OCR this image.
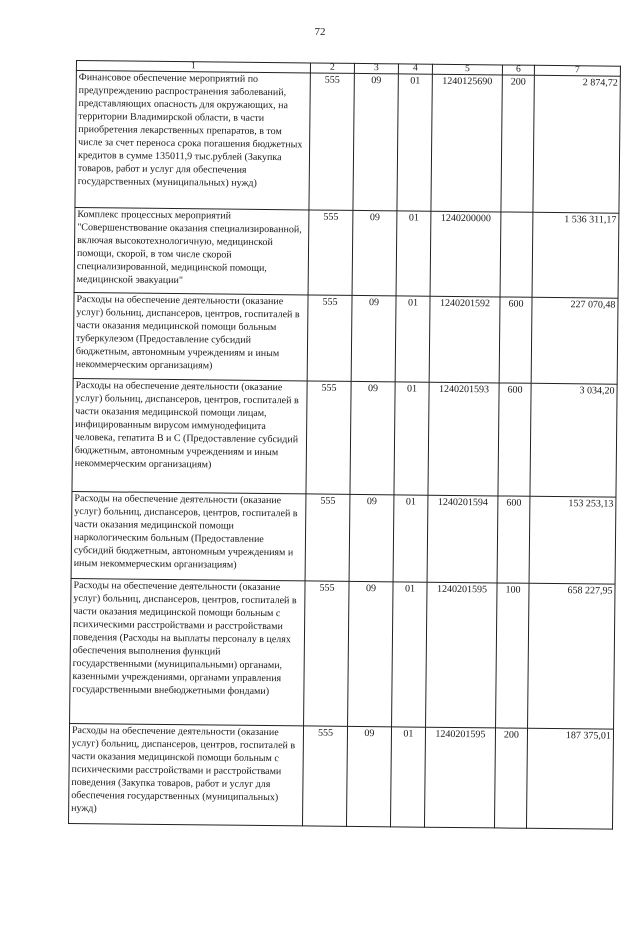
72
1	2	3	4	5	6	7
Финансовое обеспечение мероприятий по предупреждению распространения заболеваний, представляющих опасность для окружающих, на территории Владимирской области, в части приобретения лекарственных препаратов, в том числе за счет переноса срока погашения бюджетных кредитов в сумме 135011,9 тыс.рублей (Закупка товаров, работ и услуг для обеспечения государственных (муниципальных) нужд)	555	09	01	1240125690	200	2 874,72
Комплекс процессных мероприятий "Совершенствование оказания специализированной, включая высокотехнологичную, медицинской помощи, скорой, в том числе скорой специализированной, медицинской помощи, медицинской эвакуации"	555	09	01	1240200000		1 536 311,17
Расходы на обеспечение деятельности (оказание услуг) больниц, диспансеров, центров, госпиталей в части оказания медицинской помощи больным туберкулезом (Предоставление субсидий бюджетным, автономным учреждениям и иным некоммерческим организациям)	555	09	01	1240201592	600	227 070,48
Расходы на обеспечение деятельности (оказание услуг) больниц, диспансеров, центров, госпиталей в части оказания медицинской помощи лицам, инфицированным вирусом иммунодефицита человека, гепатита В и С (Предоставление субсидий бюджетным, автономным учреждениям и иным некоммерческим организациям)	555	09	01	1240201593	600	3 034,20
Расходы на обеспечение деятельности (оказание услуг) больниц, диспансеров, центров, госпиталей в части оказания медицинской помощи наркологическим больным (Предоставление субсидий бюджетным, автономным учреждениям и иным некоммерческим организациям)	555	09	01	1240201594	600	153 253,13
Расходы на обеспечение деятельности (оказание услуг) больниц, диспансеров, центров, госпиталей в части оказания медицинской помощи больным с психическими расстройствами и расстройствами поведения (Расходы на выплаты персоналу в целях обеспечения выполнения функций государственными (муниципальными) органами, казенными учреждениями, органами управления государственными внебюджетными фондами)	555	09	01	1240201595	100	658 227,95
Расходы на обеспечение деятельности (оказание услуг) больниц, диспансеров, центров, госпиталей в части оказания медицинской помощи больным с психическими расстройствами и расстройствами поведения (Закупка товаров, работ и услуг для обеспечения государственных (муниципальных) нужд)	555	09	01	1240201595	200	187 375,01
